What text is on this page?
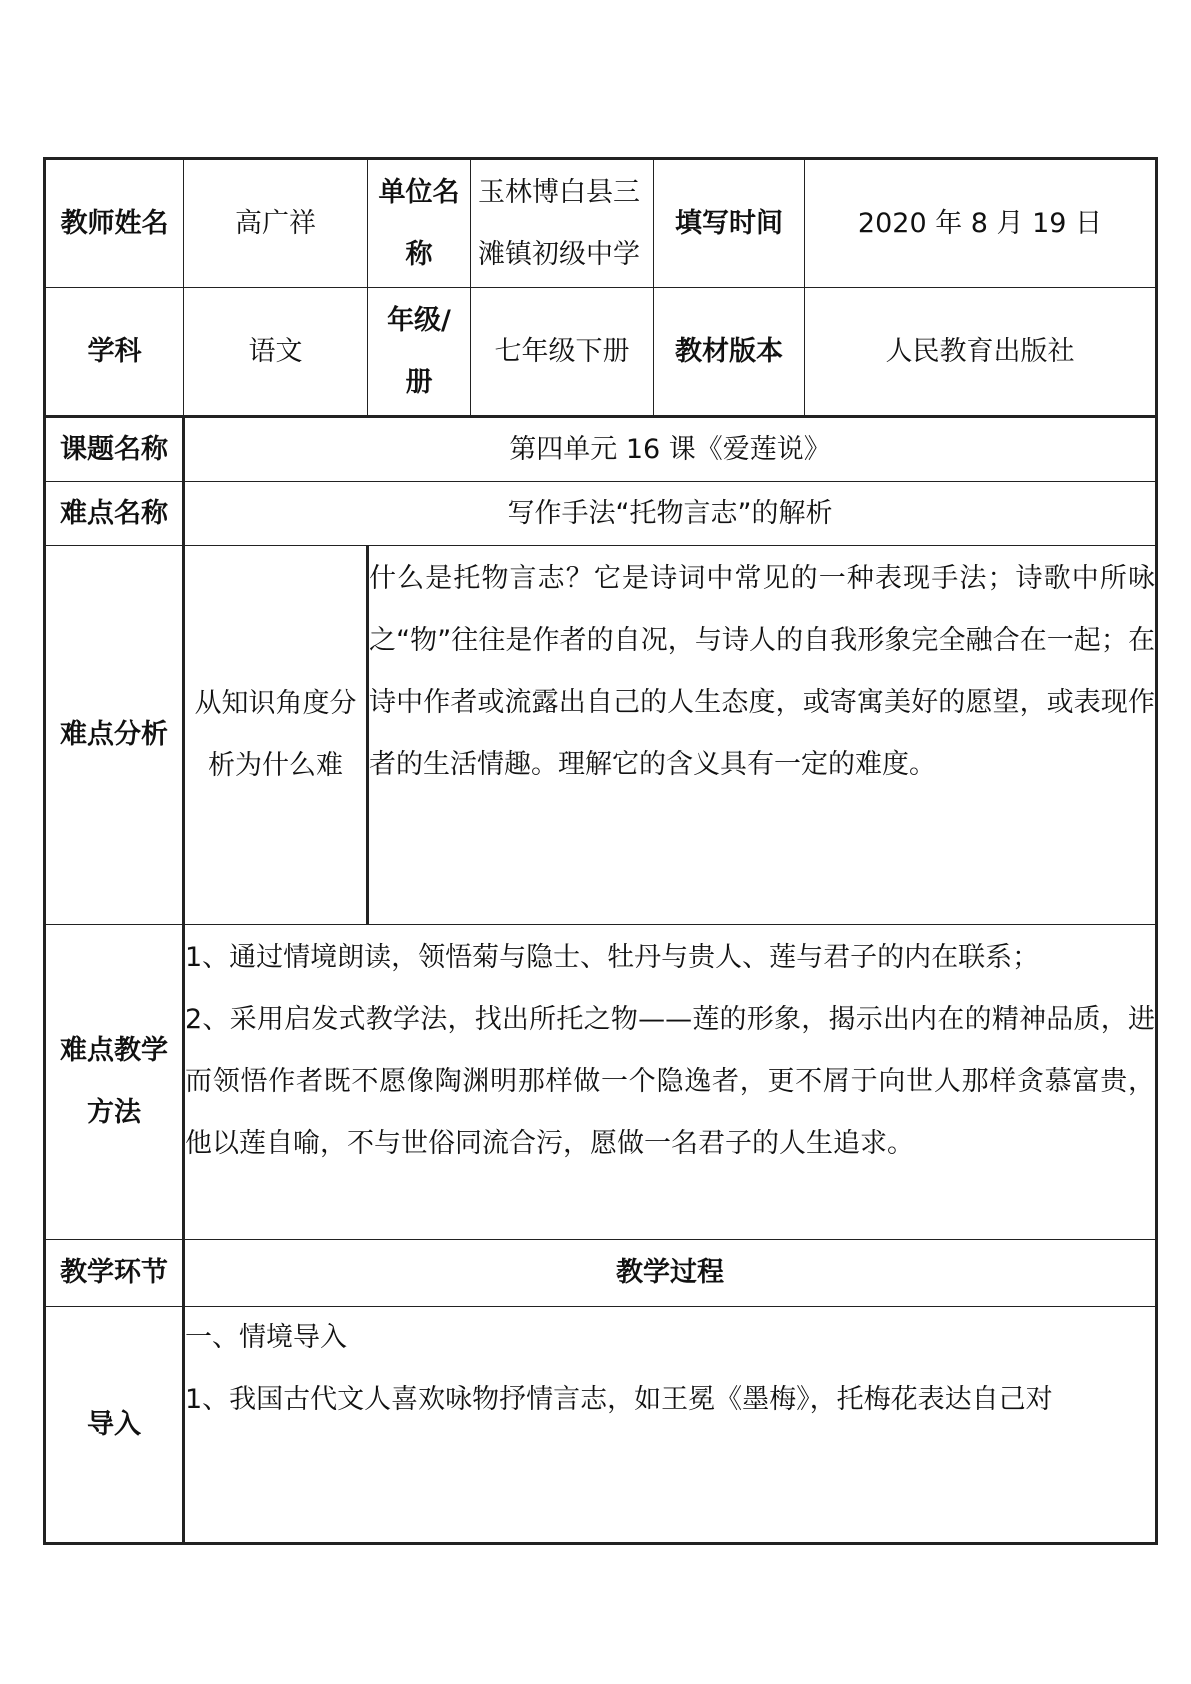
教师姓名	高广祥	单位名称	玉林博白县三滩镇初级中学	填写时间	2020 年 8 月 19 日
学科	语文	年级/册	七年级下册	教材版本	人民教育出版社
课题名称	第四单元 16 课《爱莲说》				
难点名称	写作手法“托物言志”的解析				
难点分析	从知识角度分析为什么难	什么是托物言志？它是诗词中常见的一种表现手法；诗歌中所咏之“物”往往是作者的自况，与诗人的自我形象完全融合在一起；在诗中作者或流露出自己的人生态度，或寄寓美好的愿望，或表现作者的生活情趣。理解它的含义具有一定的难度。			
难点教学方法	1、通过情境朗读，领悟菊与隐士、牡丹与贵人、莲与君子的内在联系；
2、采用启发式教学法，找出所托之物——莲的形象，揭示出内在的精神品质，进而领悟作者既不愿像陶渊明那样做一个隐逸者，更不屑于向世人那样贪慕富贵，他以莲自喻，不与世俗同流合污，愿做一名君子的人生追求。				

教学环节	教学过程				
导入	一、情境导入
1、我国古代文人喜欢咏物抒情言志，如王冕《墨梅》，托梅花表达自己对				
